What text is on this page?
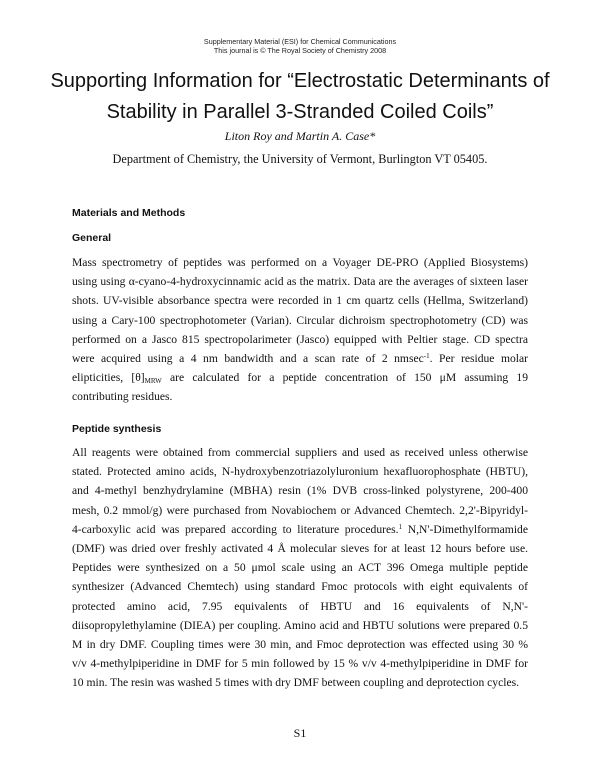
Supplementary Material (ESI) for Chemical Communications
This journal is © The Royal Society of Chemistry 2008
Supporting Information for “Electrostatic Determinants of
Stability in Parallel 3-Stranded Coiled Coils”
Liton Roy and Martin A. Case*
Department of Chemistry, the University of Vermont, Burlington VT 05405.
Materials and Methods
General
Mass spectrometry of peptides was performed on a Voyager DE-PRO (Applied Biosystems)
using using α-cyano-4-hydroxycinnamic acid as the matrix. Data are the averages of sixteen laser
shots. UV-visible absorbance spectra were recorded in 1 cm quartz cells (Hellma, Switzerland)
using a Cary-100 spectrophotometer (Varian). Circular dichroism spectrophotometry (CD) was
performed on a Jasco 815 spectropolarimeter (Jasco) equipped with Peltier stage. CD spectra
were acquired using a 4 nm bandwidth and a scan rate of 2 nmsec$^{-1}$. Per residue molar
elipticities, $[\theta]_{MRW}$ are calculated for a peptide concentration of 150 μM assuming 19
contributing residues.
Peptide synthesis
All reagents were obtained from commercial suppliers and used as received unless otherwise
stated. Protected amino acids, N-hydroxybenzotriazolyluronium hexafluorophosphate (HBTU),
and 4-methyl benzhydrylamine (MBHA) resin (1% DVB cross-linked polystyrene, 200-400
mesh, 0.2 mmol/g) were purchased from Novabiochem or Advanced Chemtech. 2,2'-Bipyridyl-
4-carboxylic acid was prepared according to literature procedures.$^1$ N,N'-Dimethylformamide
(DMF) was dried over freshly activated 4 Å molecular sieves for at least 12 hours before use.
Peptides were synthesized on a 50 μmol scale using an ACT 396 Omega multiple peptide
synthesizer (Advanced Chemtech) using standard Fmoc protocols with eight equivalents of
protected amino acid, 7.95 equivalents of HBTU and 16 equivalents of N,N'-
diisopropylethylamine (DIEA) per coupling. Amino acid and HBTU solutions were prepared 0.5
M in dry DMF. Coupling times were 30 min, and Fmoc deprotection was effected using 30 %
v/v 4-methylpiperidine in DMF for 5 min followed by 15 % v/v 4-methylpiperidine in DMF for
10 min. The resin was washed 5 times with dry DMF between coupling and deprotection cycles.
S1
